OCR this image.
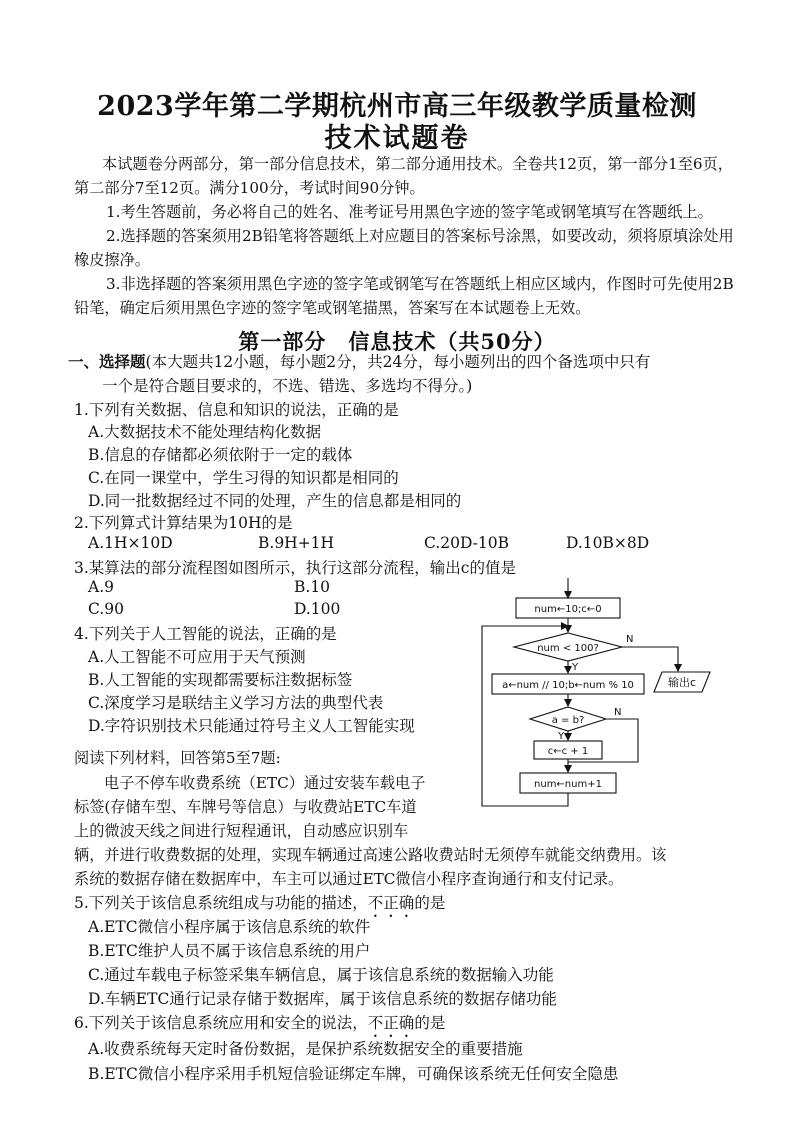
2023学年第二学期杭州市高三年级教学质量检测
技术试题卷

本试题卷分两部分，第一部分信息技术，第二部分通用技术。全卷共12页，第一部分1至6页，第二部分7至12页。满分100分，考试时间90分钟。

1.考生答题前，务必将自己的姓名、准考证号用黑色字迹的签字笔或钢笔填写在答题纸上。

2.选择题的答案须用2B铅笔将答题纸上对应题目的答案标号涂黑，如要改动，须将原填涂处用橡皮擦净。

3.非选择题的答案须用黑色字迹的签字笔或钢笔写在答题纸上相应区域内，作图时可先使用2B铅笔，确定后须用黑色字迹的签字笔或钢笔描黑，答案写在本试题卷上无效。

第一部分　信息技术（共50分）
一、选择题(本大题共12小题，每小题2分，共24分，每小题列出的四个备选项中只有
一个是符合题目要求的，不选、错选、多选均不得分。)
1.下列有关数据、信息和知识的说法，正确的是
A.大数据技术不能处理结构化数据
B.信息的存储都必须依附于一定的载体
C.在同一课堂中，学生习得的知识都是相同的
D.同一批数据经过不同的处理，产生的信息都是相同的
2.下列算式计算结果为10H的是
A.1H×10D	B.9H+1H	C.20D-10B	D.10B×8D
3.某算法的部分流程图如图所示，执行这部分流程，输出c的值是
A.9	B.10
C.90	D.100
4.下列关于人工智能的说法，正确的是
A.人工智能不可应用于天气预测
B.人工智能的实现都需要标注数据标签
C.深度学习是联结主义学习方法的典型代表
D.字符识别技术只能通过符号主义人工智能实现
阅读下列材料，回答第5至7题:
电子不停车收费系统（ETC）通过安装车载电子
标签(存储车型、车牌号等信息）与收费站ETC车道
上的微波天线之间进行短程通讯，自动感应识别车
辆，并进行收费数据的处理，实现车辆通过高速公路收费站时无须停车就能交纳费用。该
系统的数据存储在数据库中，车主可以通过ETC微信小程序查询通行和支付记录。
5.下列关于该信息系统组成与功能的描述，不正确的是
A.ETC微信小程序属于该信息系统的软件
B.ETC维护人员不属于该信息系统的用户
C.通过车载电子标签采集车辆信息，属于该信息系统的数据输入功能
D.车辆ETC通行记录存储于数据库，属于该信息系统的数据存储功能
6.下列关于该信息系统应用和安全的说法，不正确的是
A.收费系统每天定时备份数据，是保护系统数据安全的重要措施
B.ETC微信小程序采用手机短信验证绑定车牌，可确保该系统无任何安全隐患
num←10;c←0
num < 100?
N
Y
a←num // 10;b←num % 10	输出c
a = b?
N
Y
c←c + 1
num←num+1
